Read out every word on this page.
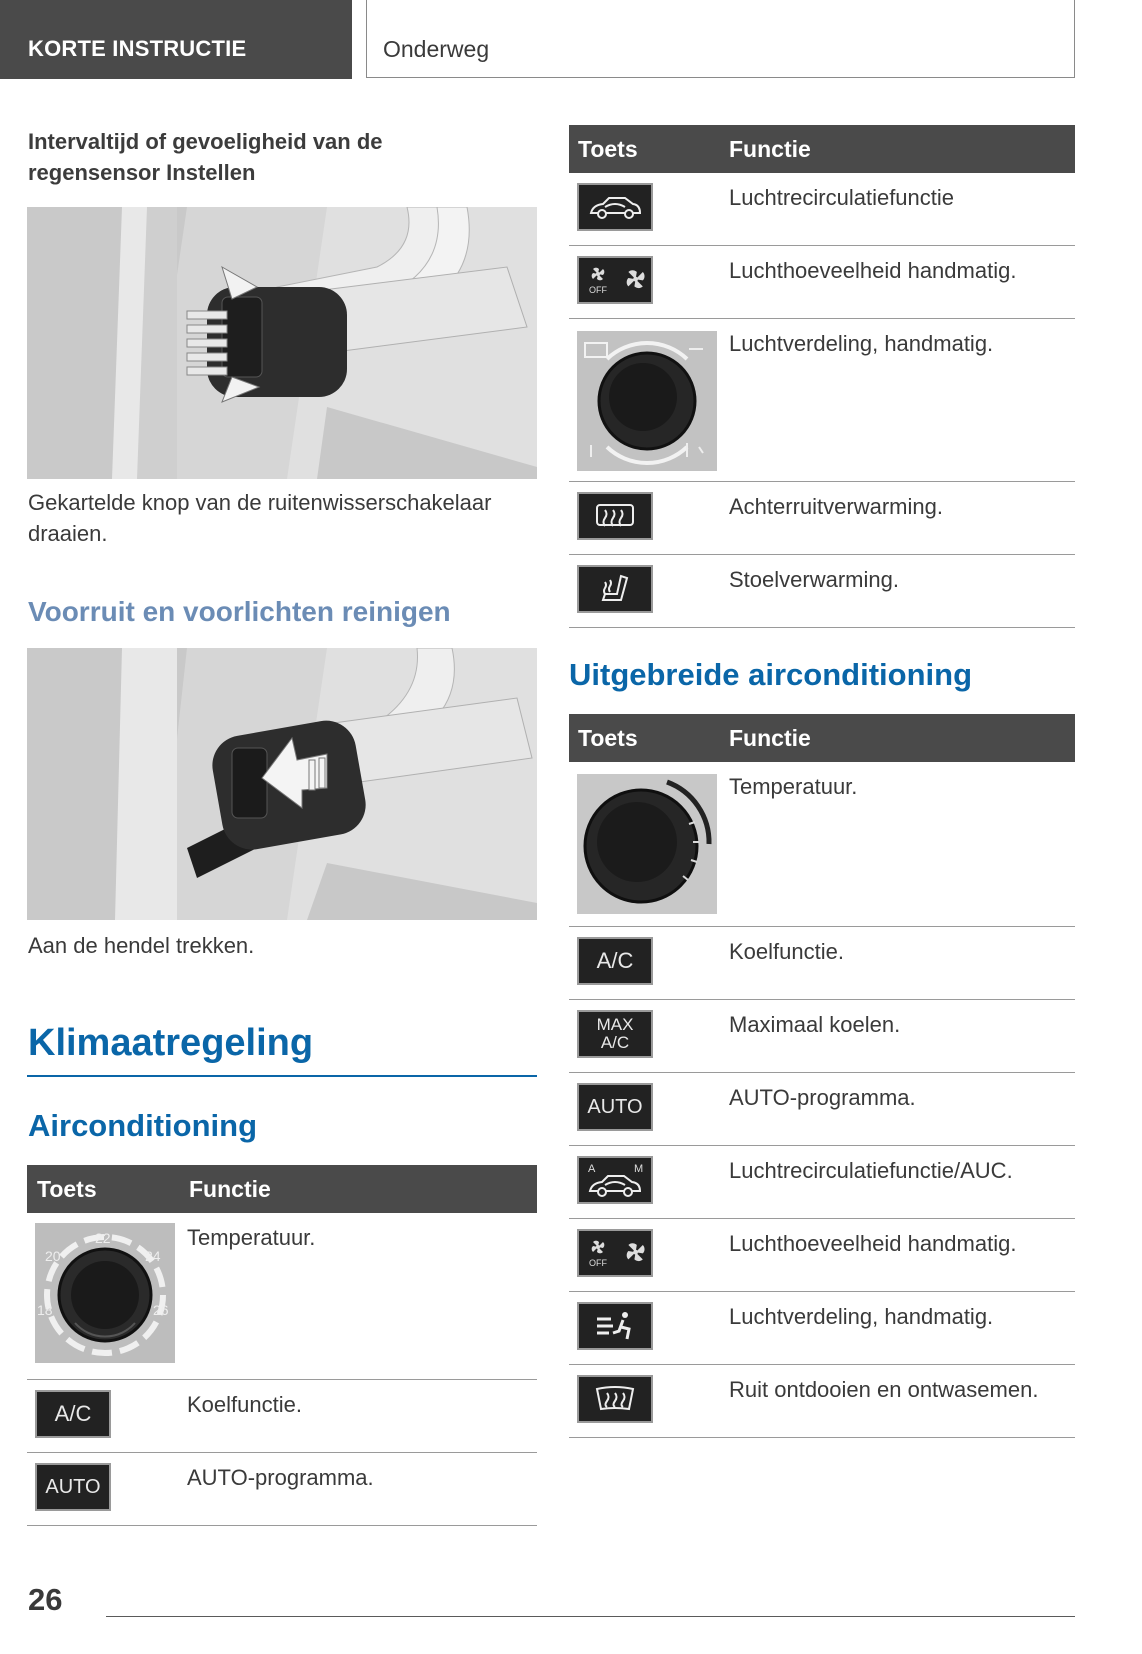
KORTE INSTRUCTIE	Onderweg
Intervaltijd of gevoeligheid van de
regensensor Instellen
Gekartelde knop van de ruitenwisserschakelaar
draaien.
Voorruit en voorlichten reinigen
Aan de hendel trekken.
Klimaatregeling
Airconditioning
Toets	Functie
20
22
24
18	26
Temperatuur.
A/C	Koelfunctie.
AUTO	AUTO-programma.
Toets	Functie
Luchtrecirculatiefunctie
OFF
Luchthoeveelheid handmatig.
Luchtverdeling, handmatig.
Achterruitverwarming.
Stoelverwarming.
Uitgebreide airconditioning
Toets	Functie
Temperatuur.
A/C	Koelfunctie.
MAX
A/C
Maximaal koelen.
AUTO	AUTO-programma.
A	M	Luchtrecirculatiefunctie/AUC.
OFF
Luchthoeveelheid handmatig.
Luchtverdeling, handmatig.
Ruit ontdooien en ontwasemen.
26
